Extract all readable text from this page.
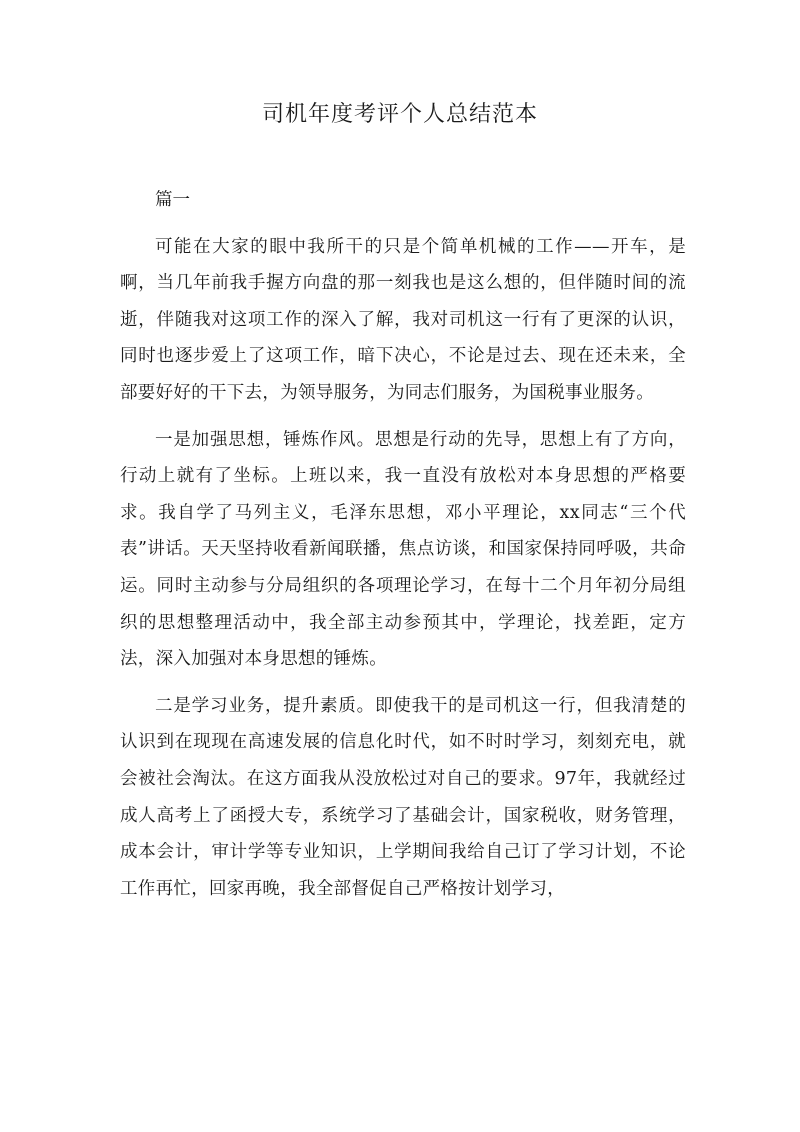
司机年度考评个人总结范本

篇一

可能在大家的眼中我所干的只是个简单机械的工作——开车，是啊，当几年前我手握方向盘的那一刻我也是这么想的，但伴随时间的流逝，伴随我对这项工作的深入了解，我对司机这一行有了更深的认识，同时也逐步爱上了这项工作，暗下决心，不论是过去、现在还未来，全部要好好的干下去，为领导服务，为同志们服务，为国税事业服务。

一是加强思想，锤炼作风。思想是行动的先导，思想上有了方向，行动上就有了坐标。上班以来，我一直没有放松对本身思想的严格要求。我自学了马列主义，毛泽东思想，邓小平理论，xx同志“三个代表”讲话。天天坚持收看新闻联播，焦点访谈，和国家保持同呼吸，共命运。同时主动参与分局组织的各项理论学习，在每十二个月年初分局组织的思想整理活动中，我全部主动参预其中，学理论，找差距，定方法，深入加强对本身思想的锤炼。

二是学习业务，提升素质。即使我干的是司机这一行，但我清楚的认识到在现现在高速发展的信息化时代，如不时时学习，刻刻充电，就会被社会淘汰。在这方面我从没放松过对自己的要求。97年，我就经过成人高考上了函授大专，系统学习了基础会计，国家税收，财务管理，成本会计，审计学等专业知识，上学期间我给自己订了学习计划，不论工作再忙，回家再晚，我全部督促自己严格按计划学习，
